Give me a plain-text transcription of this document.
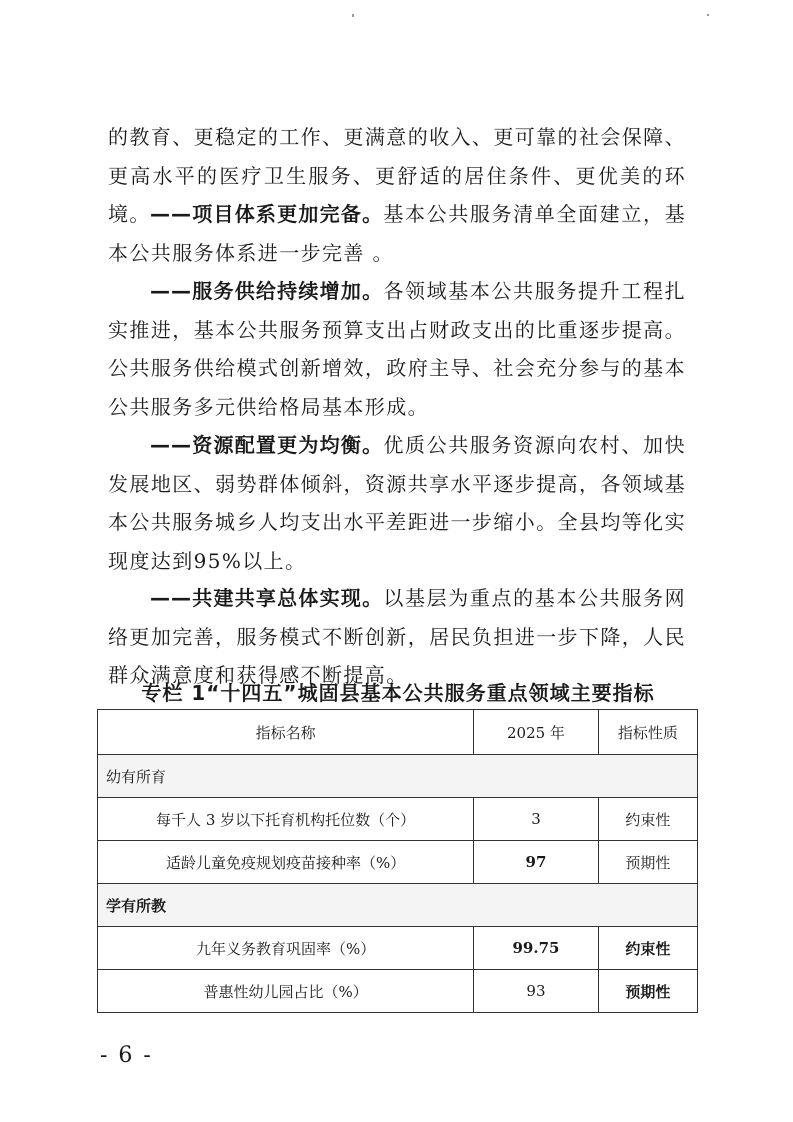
的教育、更稳定的工作、更满意的收入、更可靠的社会保障、更高水平的医疗卫生服务、更舒适的居住条件、更优美的环境。 ——项目体系更加完备。基本公共服务清单全面建立，基本公共服务体系进一步完善 。

——服务供给持续增加。各领域基本公共服务提升工程扎实推进，基本公共服务预算支出占财政支出的比重逐步提高。公共服务供给模式创新增效，政府主导、社会充分参与的基本公共服务多元供给格局基本形成。

——资源配置更为均衡。优质公共服务资源向农村、加快发展地区、弱势群体倾斜，资源共享水平逐步提高，各领域基本公共服务城乡人均支出水平差距进一步缩小。全县均等化实现度达到95%以上。

——共建共享总体实现。以基层为重点的基本公共服务网络更加完善，服务模式不断创新，居民负担进一步下降，人民群众满意度和获得感不断提高。

专栏 1“十四五”城固县基本公共服务重点领域主要指标
指标名称	2025 年	指标性质
幼有所育		
每千人 3 岁以下托育机构托位数（个）	3	约束性
适龄儿童免疫规划疫苗接种率（%）	97	预期性
学有所教		
九年义务教育巩固率（%）	99.75	约束性
普惠性幼儿园占比（%）	93	预期性
- 6 -
